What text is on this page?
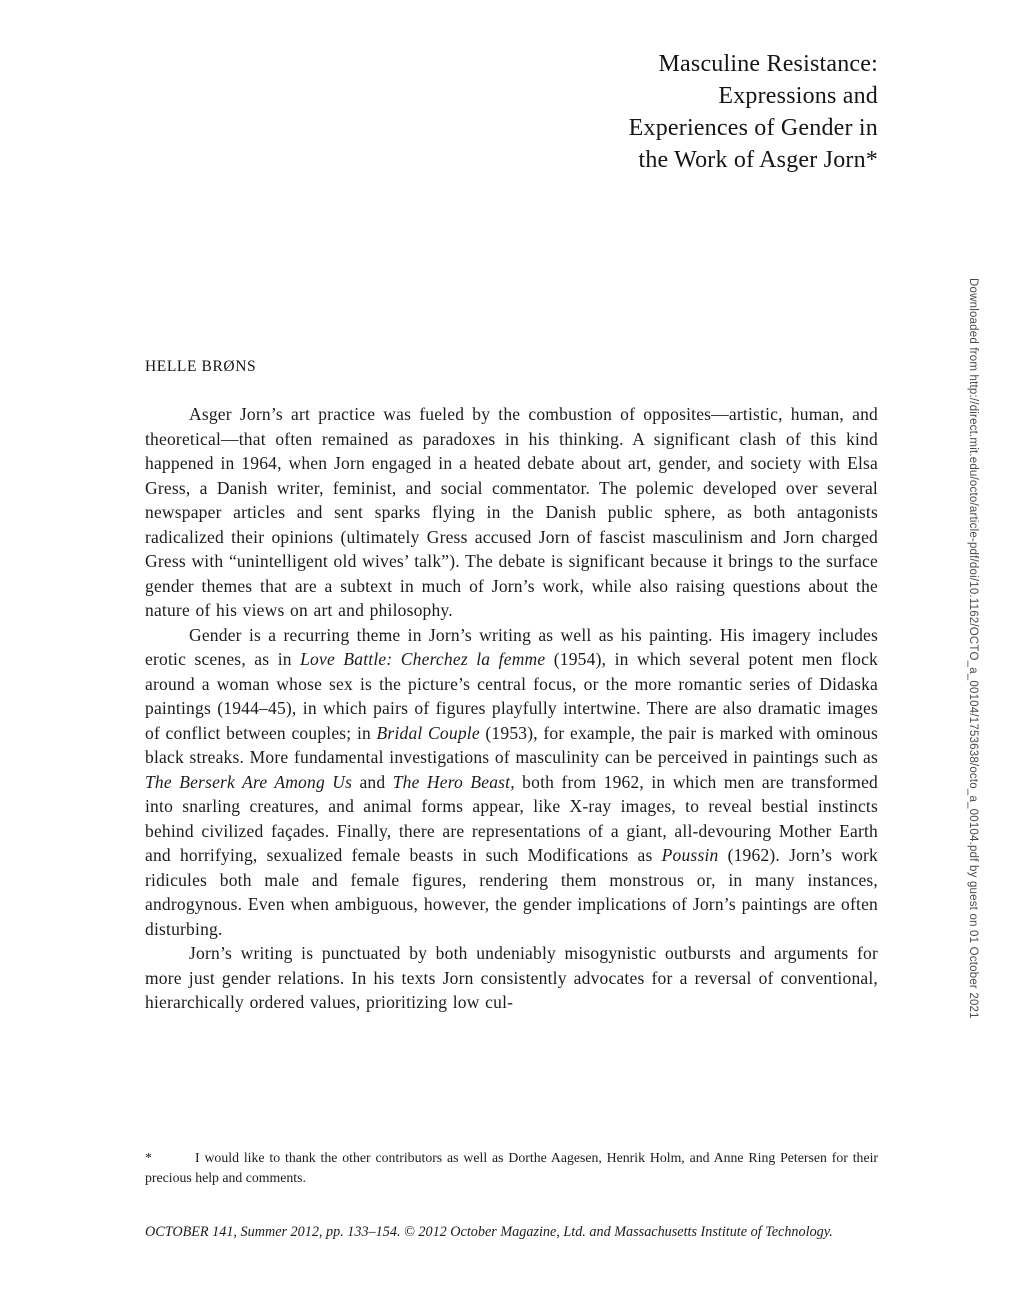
Masculine Resistance:
Expressions and
Experiences of Gender in
the Work of Asger Jorn*
HELLE BRØNS

Asger Jorn’s art practice was fueled by the combustion of opposites—artistic, human, and theoretical—that often remained as paradoxes in his thinking. A significant clash of this kind happened in 1964, when Jorn engaged in a heated debate about art, gender, and society with Elsa Gress, a Danish writer, feminist, and social commentator. The polemic developed over several newspaper articles and sent sparks flying in the Danish public sphere, as both antagonists radicalized their opinions (ultimately Gress accused Jorn of fascist masculinism and Jorn charged Gress with “unintelligent old wives’ talk”). The debate is significant because it brings to the surface gender themes that are a subtext in much of Jorn’s work, while also raising questions about the nature of his views on art and philosophy.

Gender is a recurring theme in Jorn’s writing as well as his painting. His imagery includes erotic scenes, as in Love Battle: Cherchez la femme (1954), in which several potent men flock around a woman whose sex is the picture’s central focus, or the more romantic series of Didaska paintings (1944–45), in which pairs of figures playfully intertwine. There are also dramatic images of conflict between couples; in Bridal Couple (1953), for example, the pair is marked with ominous black streaks. More fundamental investigations of masculinity can be perceived in paintings such as The Berserk Are Among Us and The Hero Beast, both from 1962, in which men are transformed into snarling creatures, and animal forms appear, like X-ray images, to reveal bestial instincts behind civilized façades. Finally, there are representations of a giant, all-devouring Mother Earth and horrifying, sexualized female beasts in such Modifications as Poussin (1962). Jorn’s work ridicules both male and female figures, rendering them monstrous or, in many instances, androgynous. Even when ambiguous, however, the gender implications of Jorn’s paintings are often disturbing.

Jorn’s writing is punctuated by both undeniably misogynistic outbursts and arguments for more just gender relations. In his texts Jorn consistently advocates for a reversal of conventional, hierarchically ordered values, prioritizing low cul-

*	I would like to thank the other contributors as well as Dorthe Aagesen, Henrik Holm, and Anne Ring Petersen for their precious help and comments.
OCTOBER 141, Summer 2012, pp. 133–154. © 2012 October Magazine, Ltd. and Massachusetts Institute of Technology.
Downloaded from http://direct.mit.edu/octo/article-pdf/doi/10.1162/OCTO_a_00104/1753638/octo_a_00104.pdf by guest on 01 October 2021
